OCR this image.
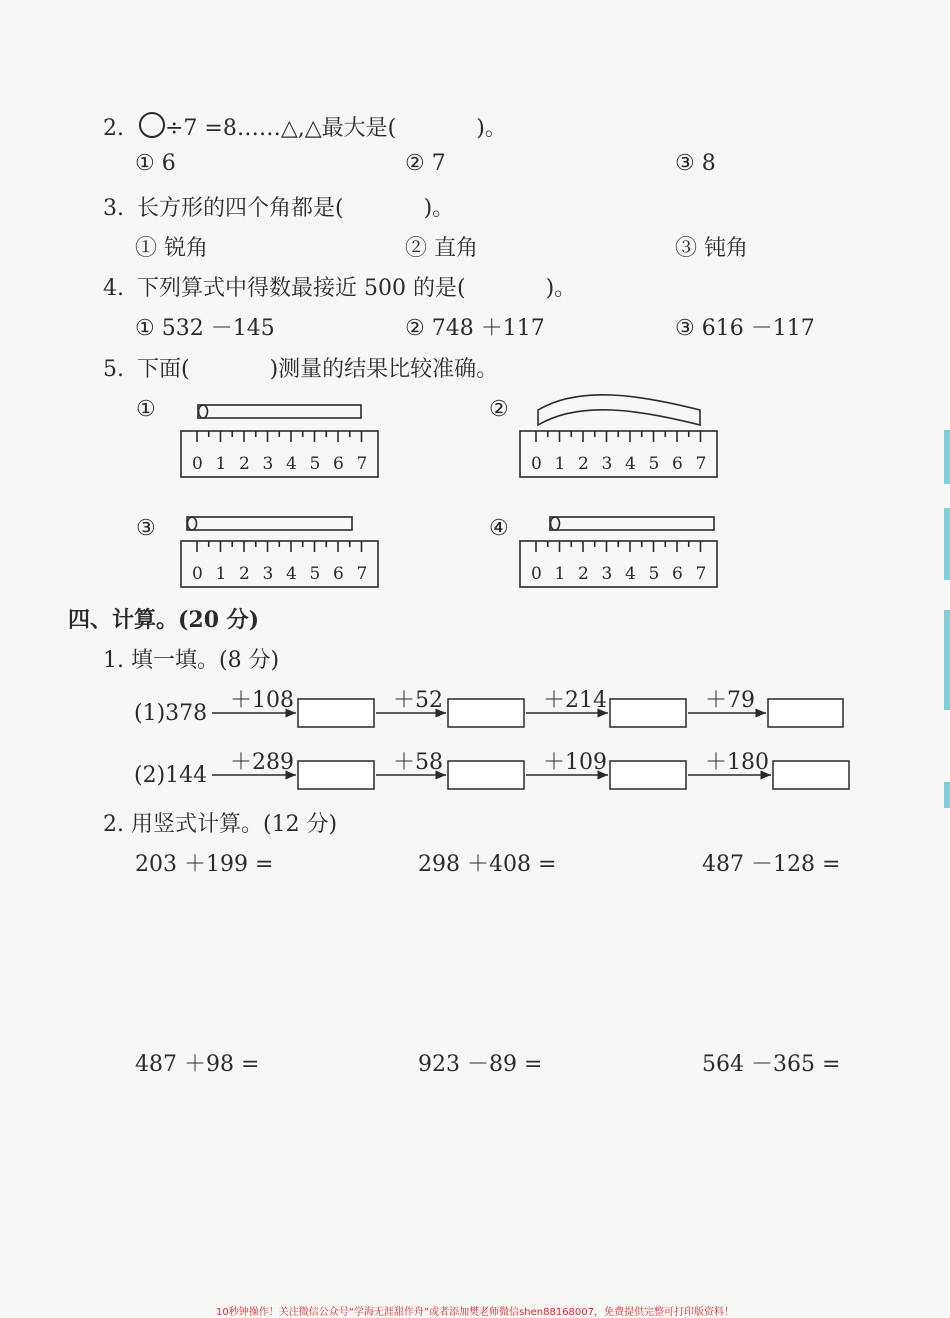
2. ÷7 =8……△,△最大是(	)。
① 6	② 7	③ 8
3. 长方形的四个角都是(	)。
① 锐角	② 直角	③ 钝角
4. 下列算式中得数最接近 500 的是(	)。
① 532 －145	② 748 ＋117	③ 616 －117
5. 下面(	)测量的结果比较准确。
①	②
③	④
0 1 2 3 4 5 6 7	0 1 2 3 4 5 6 7
0 1 2 3 4 5 6 7	0 1 2 3 4 5 6 7
四、计算。(20 分)
1. 填一填。(8 分)
(1)378
＋108	＋52	＋214	＋79
(2)144
＋289	＋58	＋109	＋180
2. 用竖式计算。(12 分)
203 ＋199 =	298 ＋408 =	487 －128 =
487 ＋98 =	923 －89 =	564 －365 =
10秒钟操作！关注微信公众号“学海无涯甜作舟”或者添加樊老师微信shen88168007，免费提供完整可打印版资料！
